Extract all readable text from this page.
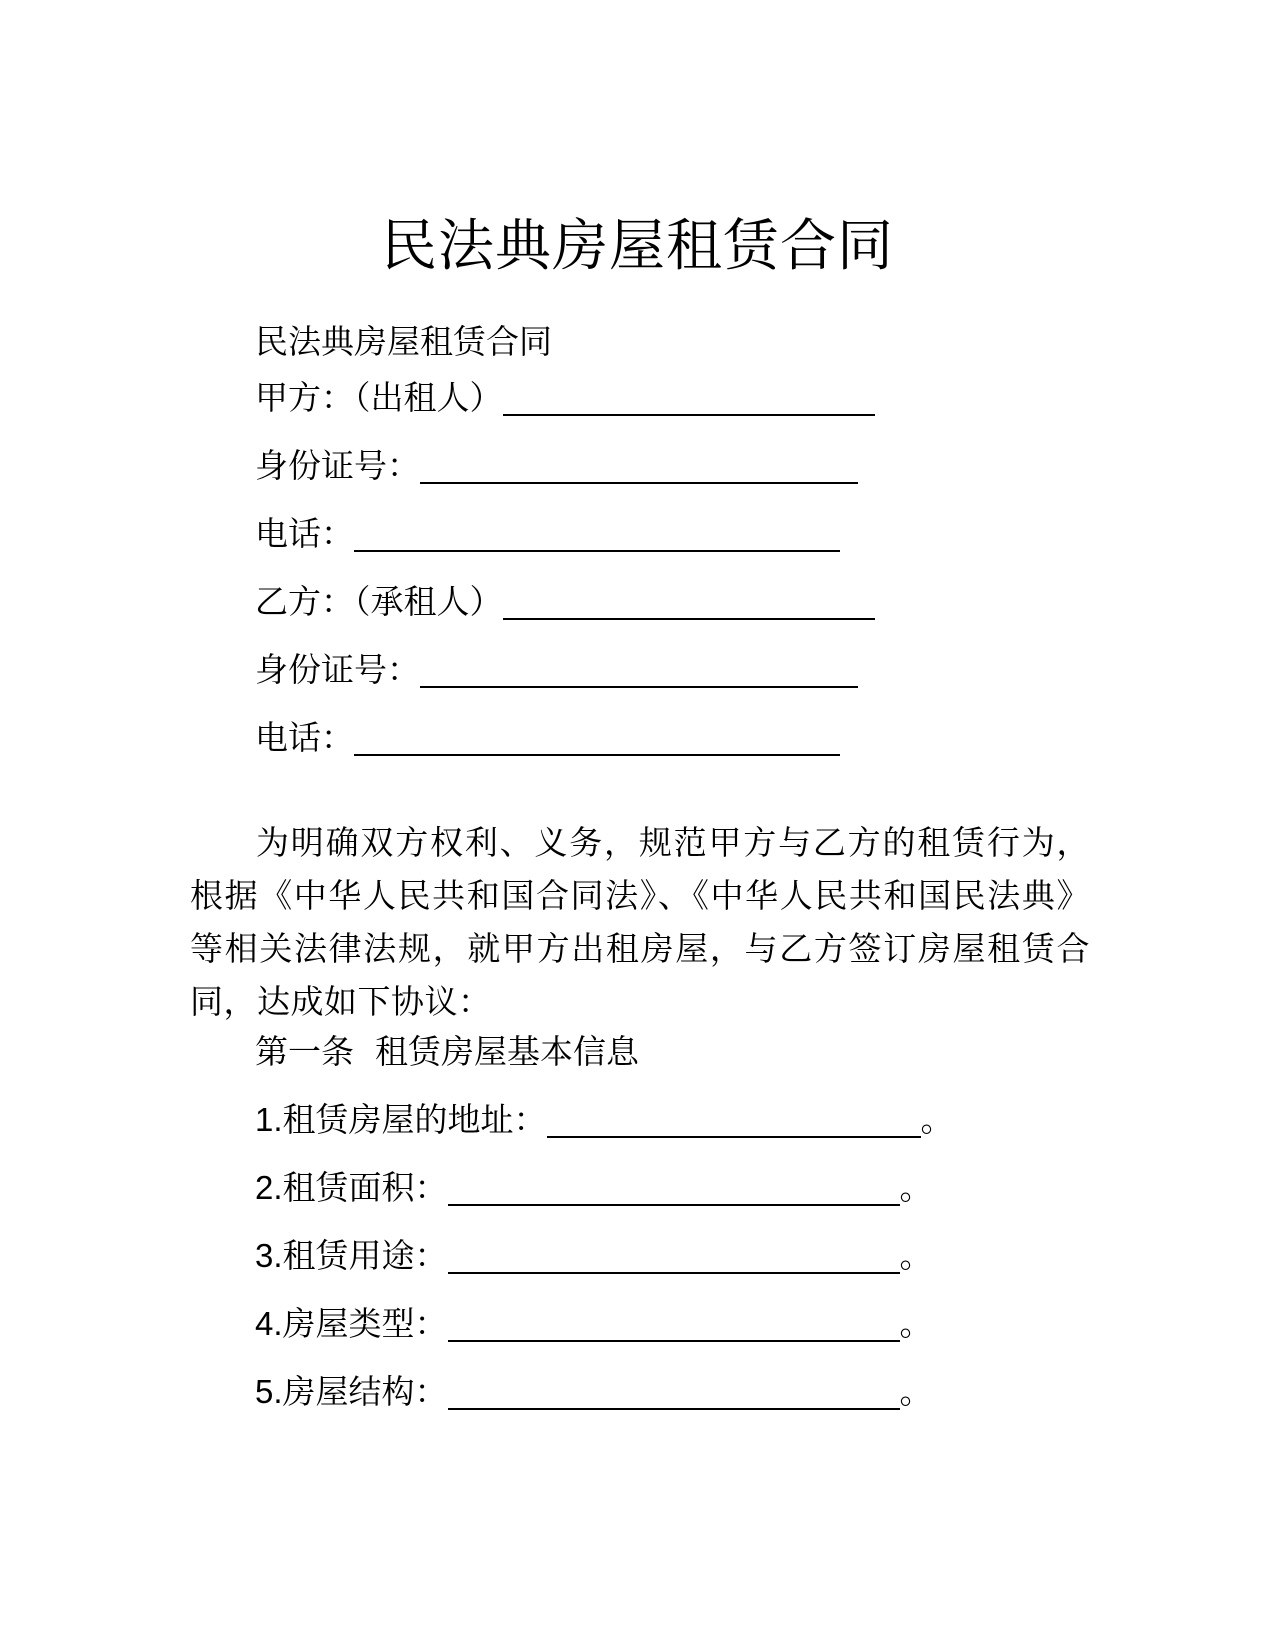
民法典房屋租赁合同
民法典房屋租赁合同
甲方：（出租人）
身份证号：
电话：
乙方：（承租人）
身份证号：
电话：
为明确双方权利、义务，规范甲方与乙方的租赁行为，根据《中华人民共和国合同法》、《中华人民共和国民法典》等相关法律法规，就甲方出租房屋，与乙方签订房屋租赁合同，达成如下协议：
第一条  租赁房屋基本信息
1. 租赁房屋的地址：	。
2. 租赁面积：	。
3. 租赁用途：	。
4. 房屋类型：	。
5. 房屋结构：	。
